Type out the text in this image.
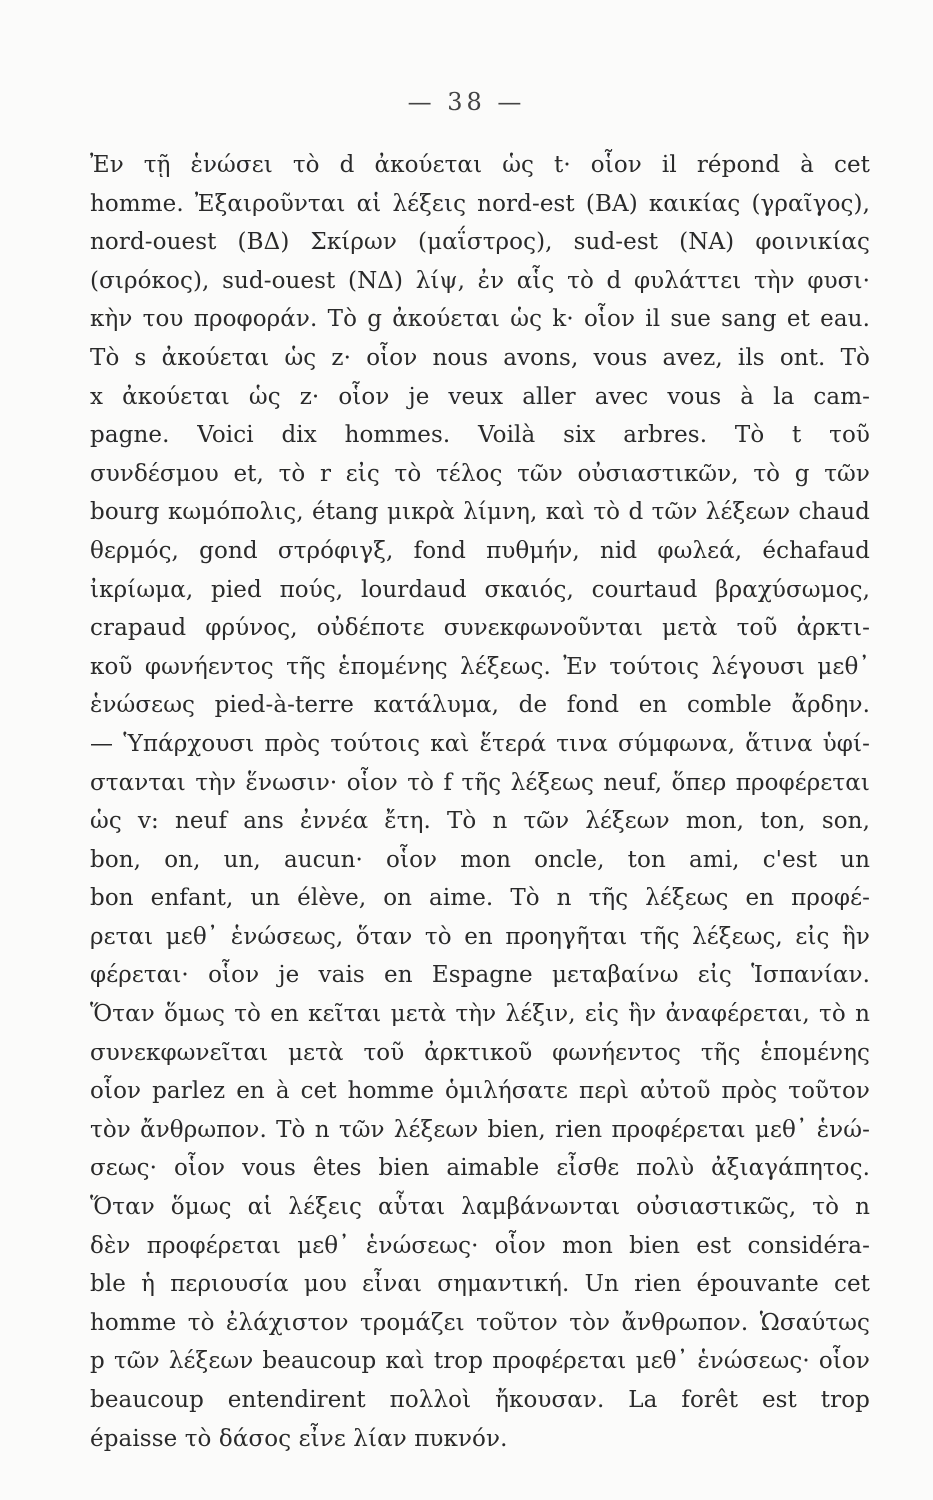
— 38 —
Ἐν τῇ ἑνώσει τὸ d ἀκούεται ὡς t· οἷον il répond à cet
homme. Ἐξαιροῦνται αἱ λέξεις nord-est (ΒΑ) καικίας (γραῖγος),
nord-ouest (ΒΔ) Σκίρων (μαΐστρος), sud-est (ΝΑ) φοινικίας
(σιρόκος), sud-ouest (ΝΔ) λίψ, ἐν αἷς τὸ d φυλάττει τὴν φυσι·
κὴν του προφοράν. Τὸ g ἀκούεται ὡς k· οἷον il sue sang et eau.
Τὸ s ἀκούεται ὡς z· οἷον nous avons, vous avez, ils ont. Τὸ
x ἀκούεται ὡς z· οἷον je veux aller avec vous à la cam-
pagne. Voici dix hommes. Voilà six arbres. Τὸ t τοῦ
συνδέσμου et, τὸ r εἰς τὸ τέλος τῶν οὐσιαστικῶν, τὸ g τῶν
bourg κωμόπολις, étang μικρὰ λίμνη, καὶ τὸ d τῶν λέξεων chaud
θερμός, gond στρόφιγξ, fond πυθμήν, nid φωλεά, échafaud
ἰκρίωμα, pied πούς, lourdaud σκαιός, courtaud βραχύσωμος,
crapaud φρύνος, οὐδέποτε συνεκφωνοῦνται μετὰ τοῦ ἀρκτι-
κοῦ φωνήεντος τῆς ἑπομένης λέξεως. Ἐν τούτοις λέγουσι μεθ᾽
ἑνώσεως pied-à-terre κατάλυμα, de fond en comble ἄρδην.
— Ὑπάρχουσι πρὸς τούτοις καὶ ἕτερά τινα σύμφωνα, ἅτινα ὑφί-
στανται τὴν ἕνωσιν· οἷον τὸ f τῆς λέξεως neuf, ὅπερ προφέρεται
ὡς v: neuf ans ἐννέα ἔτη. Τὸ n τῶν λέξεων mon, ton, son,
bon, on, un, aucun· οἷον mon oncle, ton ami, c'est un
bon enfant, un élève, on aime. Τὸ n τῆς λέξεως en προφέ-
ρεται μεθ᾽ ἑνώσεως, ὅταν τὸ en προηγῆται τῆς λέξεως, εἰς ἣν
φέρεται· οἷον je vais en Espagne μεταβαίνω εἰς Ἱσπανίαν.
Ὅταν ὅμως τὸ en κεῖται μετὰ τὴν λέξιν, εἰς ἣν ἀναφέρεται, τὸ n
συνεκφωνεῖται μετὰ τοῦ ἀρκτικοῦ φωνήεντος τῆς ἑπομένης
οἷον parlez en à cet homme ὁμιλήσατε περὶ αὐτοῦ πρὸς τοῦτον
τὸν ἄνθρωπον. Τὸ n τῶν λέξεων bien, rien προφέρεται μεθ᾽ ἑνώ-
σεως· οἷον vous êtes bien aimable εἶσθε πολὺ ἀξιαγάπητος.
Ὅταν ὅμως αἱ λέξεις αὗται λαμβάνωνται οὐσιαστικῶς, τὸ n
δὲν προφέρεται μεθ᾽ ἑνώσεως· οἷον mon bien est considéra-
ble ἡ περιουσία μου εἶναι σημαντική. Un rien épouvante cet
homme τὸ ἐλάχιστον τρομάζει τοῦτον τὸν ἄνθρωπον. Ὡσαύτως
p τῶν λέξεων beaucoup καὶ trop προφέρεται μεθ᾽ ἑνώσεως· οἷον
beaucoup entendirent πολλοὶ ἤκουσαν. La forêt est trop
épaisse τὸ δάσος εἶνε λίαν πυκνόν.
